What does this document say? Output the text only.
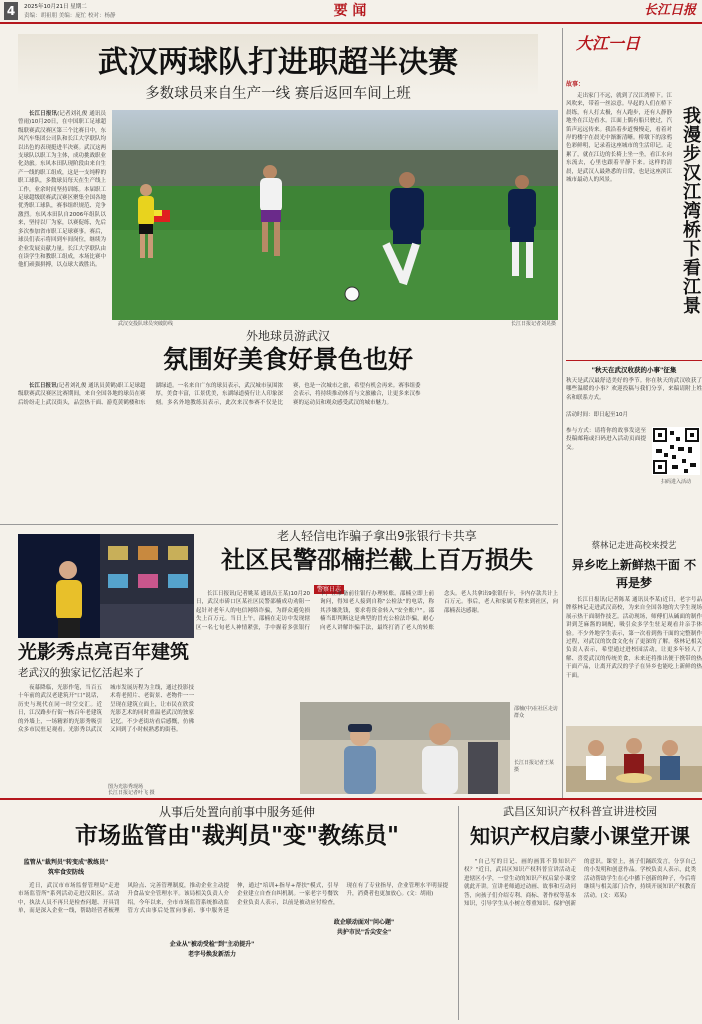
4	2025年10月21日 星期二
责编：胡祖朋 美编：庞忙 校对：杨静	要 闻	长江日报
武汉两球队打进职超半决赛
多数球员来自生产一线 赛后返回车间上班

长江日报讯(记者刘礼俊 通讯员曾雨)10月20日，在中国职工足球超级联赛武汉赛区第三个比赛日中，东风汽车集团公司队和长江大学联队均以出色的表现挺进半决赛。武汉这两支球队以职工为主体，成功挑战职业化劲旅。东风本田队现阶段由来自生产一线的职工组成，这是一支纯粹的职工球队，多数球员每天在生产线上工作，业余时间坚持训练。本届职工足球超级联赛武汉赛区聚集全国各地优秀职工球队，赛事组织规范、竞争激烈。东风本田队自2006年组队以来，坚持以厂为家，以赛促练，先后多次参加省市职工足球赛事。赛后，球员们表示将回到车间岗位，继续为企业发展贡献力量。长江大学联队由在读学生和教职工组成，本场比赛中他们顽强拼搏，以点球大战胜出。

武汉交投队球员突破防线	长江日报记者刘晃摄
外地球员游武汉
氛围好美食好景色也好

长江日报讯(记者刘礼俊 通讯员黄鹤)职工足球超级联赛武汉赛区比赛期间，来自全国各地的球员在赛后纷纷走上武汉街头，品尝热干面、游览黄鹤楼和东湖绿道。一名来自广东的球员表示，武汉城市氛围浓厚，美食丰富，江景优美，东湖绿道骑行让人印象深刻。多名外地教练员表示，此次来汉参赛不仅是比赛，也是一次城市之旅，希望有机会再来。赛事组委会表示，将持续推动体育与文旅融合，让更多来汉参赛的运动员和观众感受武汉的城市魅力。

大江一日
故事：
我漫步汉江湾桥下看江景
走出家门不远，就到了汉江湾桥下。江风吹来，带着一丝凉意。早起的人们在桥下晨练，有人打太极，有人跑步，还有人静静地坐在江边看水。江面上偶有船只驶过，汽笛声远远传来。我沿着步道慢慢走，看着对岸的楼宇在晨光中渐渐清晰。桥墩下的涂鸦色彩鲜明，记录着这座城市的生活印记。走累了，就在江边的长椅上坐一坐，看江水向东流去，心里也跟着平静下来。这样的清晨，是武汉人最熟悉的日常，也是这座滨江城市最动人的风景。
"秋天在武汉收获的小事"征集
秋天是武汉最舒适美好的季节。你在秋天的武汉收获了哪些温暖的小事？欢迎投稿与我们分享，来稿请附上姓名和联系方式。
活动时间：即日起至10月
参与方式：请将你的故事发送至投稿邮箱或扫码进入活动页面提交。
扫码进入活动
老人轻信电诈骗子拿出9张银行卡共享
社区民警邵楠拦截上百万损失
警察日志

长江日报讯(记者姚某 通讯员王某)10月20日，武汉市硚口区某社区民警邵楠成功劝阻一起针对老年人的电信网络诈骗，为群众避免损失上百万元。当日上午，邵楠在走访中发现辖区一名七旬老人神情紧张，手中握着多张银行卡，正准备前往银行办理转账。邵楠立即上前询问，得知老人接到自称"公检法"的电话，称其涉嫌洗钱，要求将资金转入"安全账户"。邵楠当即判断这是典型的冒充公检法诈骗，耐心向老人讲解诈骗手法，最终打消了老人的转账念头。老人共拿出9张银行卡，卡内存款共计上百万元。事后，老人和家属专程来到社区，向邵楠表达感谢。

邵楠(中)在社区走访群众
长江日报记者王某 摄
光影秀点亮百年建筑
老武汉的独家记忆活起来了

夜幕降临，光影作笔，当百五十年前的武汉老建筑开"口"说话，历史与现代在同一时空交汇。近日，江汉路步行街一栋百年老建筑的外墙上，一场精彩的光影秀吸引众多市民驻足观看。光影秀以武汉城市发展历程为主线，通过投影技术将老照片、老街景、老物件一一呈现在建筑立面上，让市民在欣赏光影艺术的同时重温老武汉的独家记忆。不少老街坊看后感慨，仿佛又回到了小时候熟悉的街巷。

图为光影秀现场
长江日报记者叶飞 摄
蔡林记走进高校来授艺
异乡吃上新鲜热干面 不再是梦
长江日报讯(记者陈某 通讯员李某)近日，老字号品牌蔡林记走进武汉高校，为来自全国各地的大学生现场展示热干面制作技艺。活动现场，师傅们从碱面的制作讲到芝麻酱的调配，吸引众多学生驻足观看并亲手体验。不少外地学生表示，第一次看到热干面的完整制作过程，对武汉的饮食文化有了更深的了解。蔡林记相关负责人表示，希望通过进校园活动，让更多年轻人了解、喜爱武汉的传统美食，未来还将推出便于携带的热干面产品，让离开武汉的学子在异乡也能吃上新鲜的热干面。
从事后处置向前事中服务延伸
市场监管由"裁判员"变"教练员"
监管从"裁判员"转变成"教练员"
筑牢食安防线
企业从"被动受检"到"主动提升"
老字号焕发新活力
政企联动面对"问心题"
共护市民"舌尖安全"

近日，武汉市市场监督管理局"走进市场监管所"系列活动走进汉阳区。活动中，执法人员不再只是检查问题、开具罚单，而是深入企业一线，帮助经营者梳理风险点、完善管理制度，推动企业主动提升食品安全管理水平。该局相关负责人介绍，今年以来，全市市场监管系统推动监管方式由事后处置向事前、事中服务延伸，通过"培训+指导+帮扶"模式，引导企业建立自查自纠机制。一家老字号餐饮企业负责人表示，以前是被动应付检查，现在有了专业指导，企业管理水平明显提升，消费者也更加放心。(文：胡雨)

武昌区知识产权科普宣讲进校园
知识产权启蒙小课堂开课

"自己写的日记、画的画算不算知识产权？"近日，武昌区知识产权科普宣讲活动走进辖区小学，一堂生动的知识产权启蒙小课堂就此开讲。宣讲老师通过动画、故事和互动问答，向孩子们介绍专利、商标、著作权等基本知识，引导学生从小树立尊重知识、保护创新的意识。课堂上，孩子们踊跃发言，分享自己的小发明和创意作品。学校负责人表示，此类活动帮助学生在心中播下创新的种子，今后将继续与相关部门合作，持续开展知识产权教育活动。(文：邓某)
